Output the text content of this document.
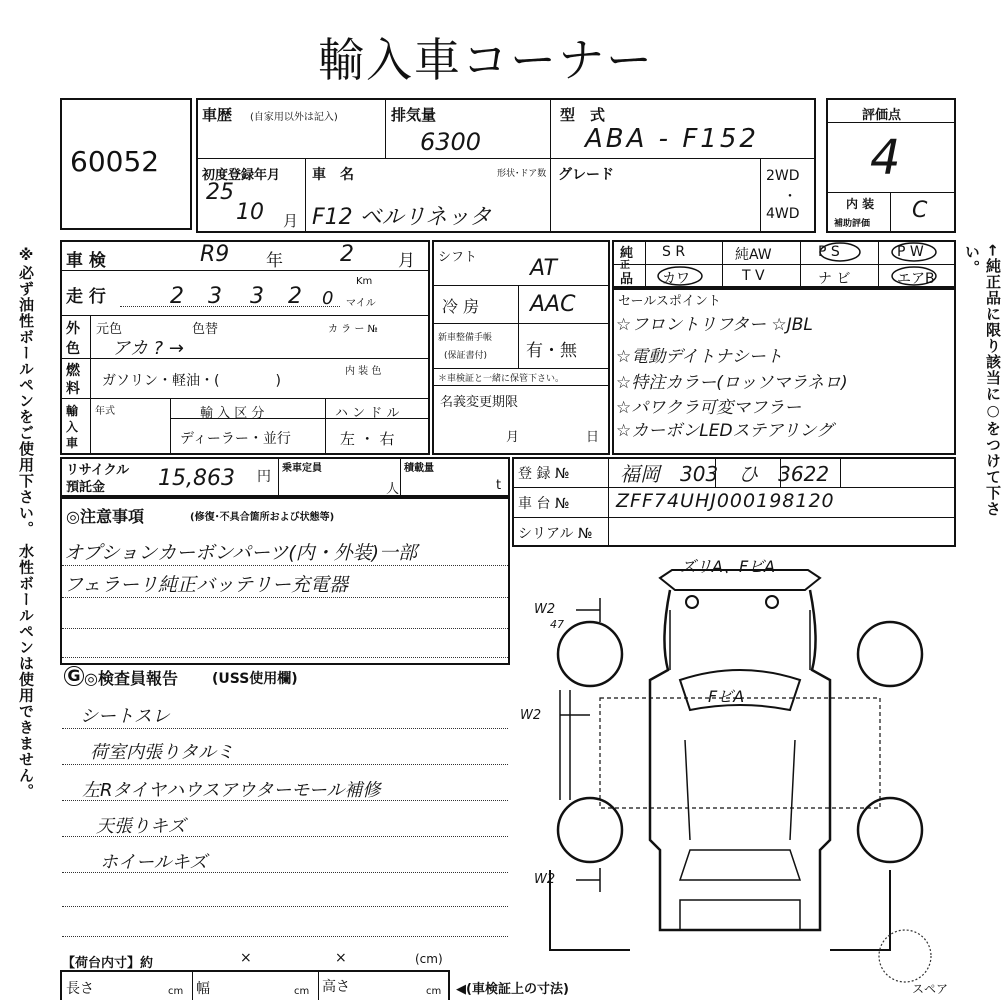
輸入車コーナー
※必ず油性ボールペンをご使用下さい。 水性ボールペンは使用できません。	←純正品に限り該当に○をつけて下さい。
60052
車歴 (自家用以外は記入)	排気量
6300
型　式
ABA - F152
初度登録年月
25
10 月
車　名
F12 ベルリネッタ
形状･ドア数 グレード	2WD
・
4WD
評価点
4
内 装
補助評価
C
車 検	R9 年	2	月
走 行	2 3 3 2 0
Km
マイル
外
色
元色	色替	カ ラ ー №
アカ ? →
燃
料 ガソリン・軽油・(　　　　)
内 装 色
輸
入
車
年式	輸 入 区 分
ディーラー・並行
ハ ン ド ル
左 ・ 右
シフト AT
冷 房 AAC
新車整備手帳
(保証書付) 有・無
＊車検証と一緒に保管下さい。
名義変更期限
月	日
純
正
品
S R	純AW	P S	P W
カワ	T V	ナ ビ	エアB
セールスポイント
☆フロントリフター ☆JBL
☆電動デイトナシート
☆特注カラー(ロッソマラネロ)
☆パワクラ可変マフラー
☆カーボンLEDステアリング
リサイクル
預託金 15,863 円
乗車定員
人
積載量
t
登 録 №	福岡　303　ひ　3622
車 台 № ZFF74UHJ0001981​20
シリアル №
◎注意事項	(修復･不具合箇所および状態等)
オプションカーボンパーツ(内・外装)一部
フェラーリ純正バッテリー充電器
G ◎検査員報告 (USS使用欄)
シートスレ
荷室内張りタルミ
左Rタイヤハウスアウターモール補修
天張りキズ
ホイールキズ
ズリA、FビA
FビA
W2
47
W2
W2
スペア
【荷台内寸】約	×	×	(cm)
長さ	cm 幅	cm 高さ	cm ◀(車検証上の寸法)
